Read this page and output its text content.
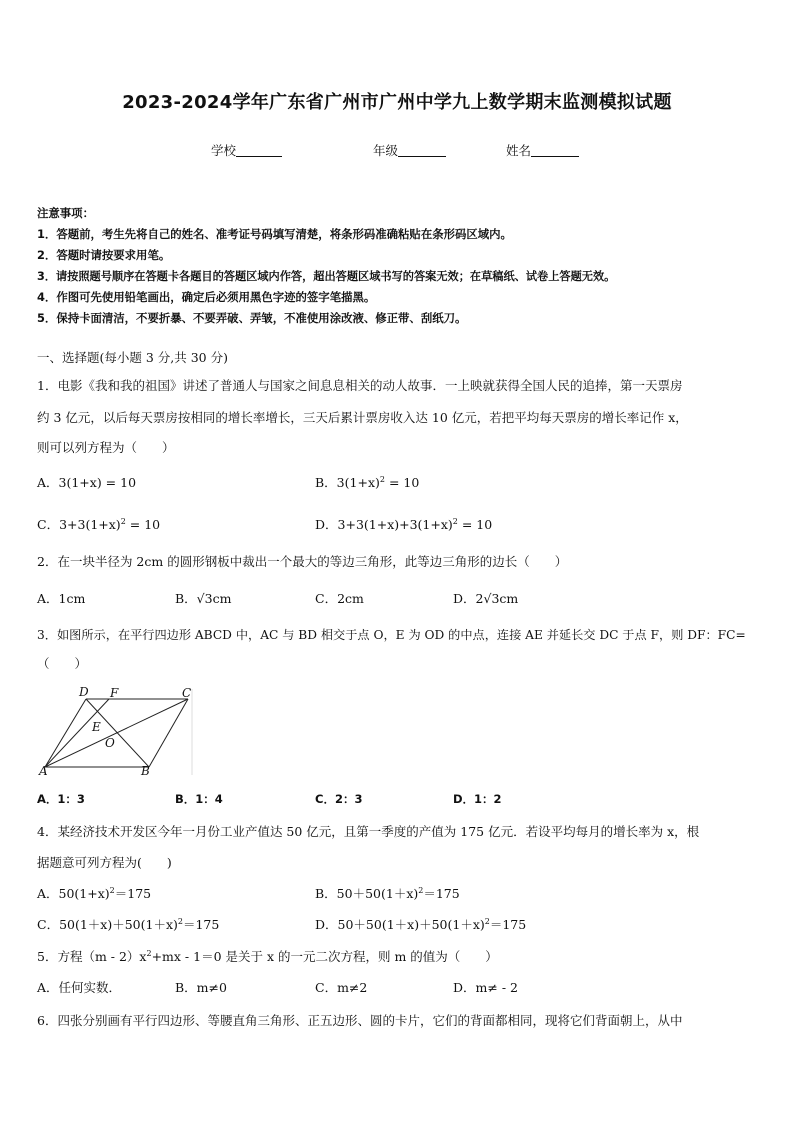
2023-2024学年广东省广州市广州中学九上数学期末监测模拟试题
学校	年级	姓名
注意事项：
1．答题前，考生先将自己的姓名、准考证号码填写清楚，将条形码准确粘贴在条形码区域内。
2．答题时请按要求用笔。
3．请按照题号顺序在答题卡各题目的答题区域内作答，超出答题区域书写的答案无效；在草稿纸、试卷上答题无效。
4．作图可先使用铅笔画出，确定后必须用黑色字迹的签字笔描黑。
5．保持卡面清洁，不要折暴、不要弄破、弄皱，不准使用涂改液、修正带、刮纸刀。
一、选择题(每小题 3 分,共 30 分)
1．电影《我和我的祖国》讲述了普通人与国家之间息息相关的动人故事．一上映就获得全国人民的追捧，第一天票房
约 3 亿元，以后每天票房按相同的增长率增长，三天后累计票房收入达 10 亿元，若把平均每天票房的增长率记作 x，
则可以列方程为（　　）
A．3(1+x) = 10	B．$3(1+x)^2 = 10$
C．$3+3(1+x)^2 = 10$	D．$3+3(1+x)+3(1+x)^2 = 10$
2．在一块半径为 2cm 的圆形钢板中裁出一个最大的等边三角形，此等边三角形的边长（　　）
A．1cm	B．√3cm	C．2cm	D．2√3cm
3．如图所示，在平行四边形 ABCD 中，AC 与 BD 相交于点 O，E 为 OD 的中点，连接 AE 并延长交 DC 于点 F，则 DF：FC=
（　　）
A	B
C
D F
E
O
A．1：3	B．1：4	C．2：3	D．1：2
4．某经济技术开发区今年一月份工业产值达 50 亿元，且第一季度的产值为 175 亿元．若设平均每月的增长率为 x，根
据题意可列方程为(　　)
A．$50(1+x)^2=175$	B．$50+50(1+x)^2=175$
C．$50(1+x)+50(1+x)^2=175$	D．$50+50(1+x)+50(1+x)^2=175$
5．方程$(m - 2)x^2+mx - 1=0$ 是关于 x 的一元二次方程，则 m 的值为（　　）
A．任何实数．	B．m≠0	C．m≠2	D．m≠ - 2
6．四张分别画有平行四边形、等腰直角三角形、正五边形、圆的卡片，它们的背面都相同，现将它们背面朝上，从中
